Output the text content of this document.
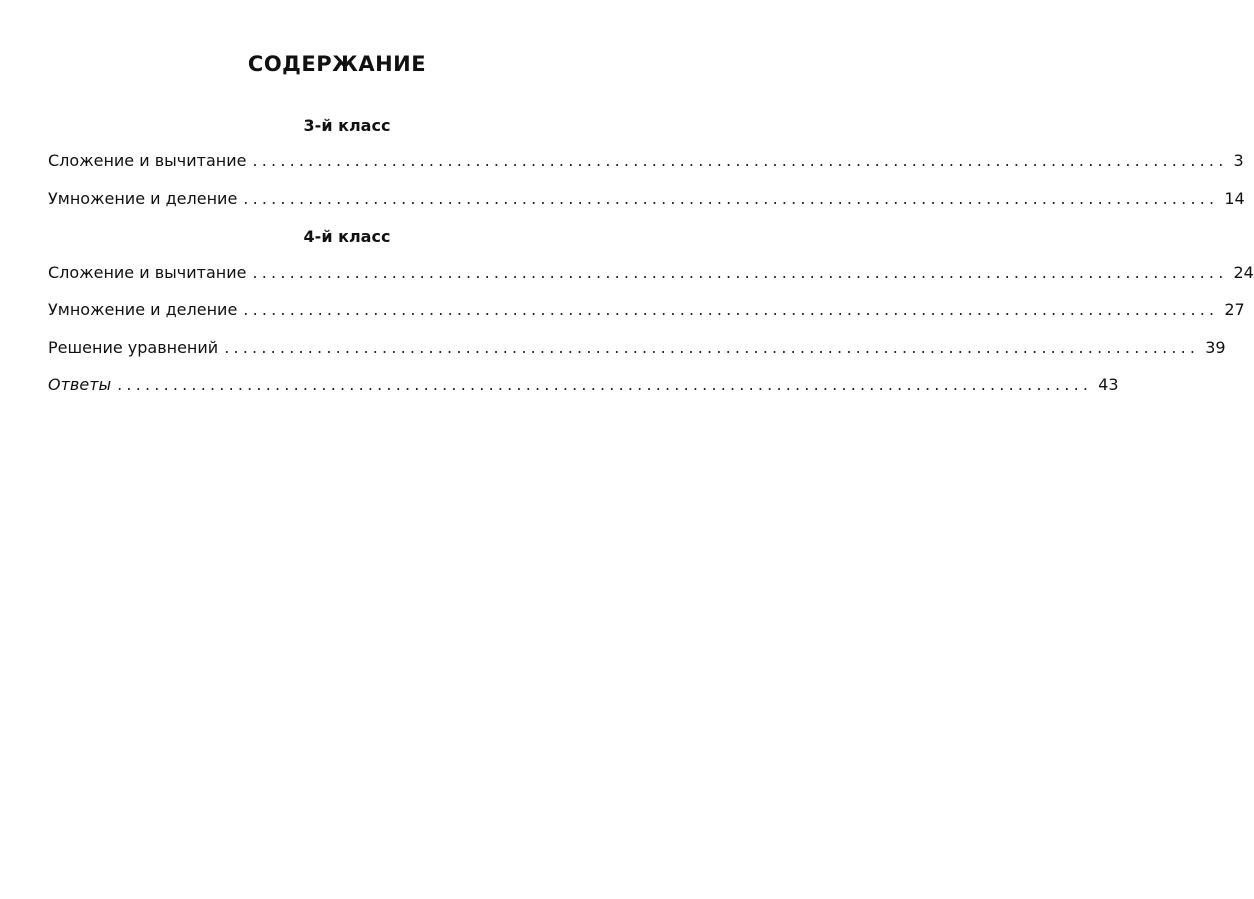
СОДЕРЖАНИЕ
3-й класс
Сложение и вычитание ......................................................................................................... 3
Умножение и деление ......................................................................................................... 14
4-й класс
Сложение и вычитание ......................................................................................................... 24
Умножение и деление ......................................................................................................... 27
Решение уравнений ......................................................................................................... 39
Ответы ......................................................................................................... 43
